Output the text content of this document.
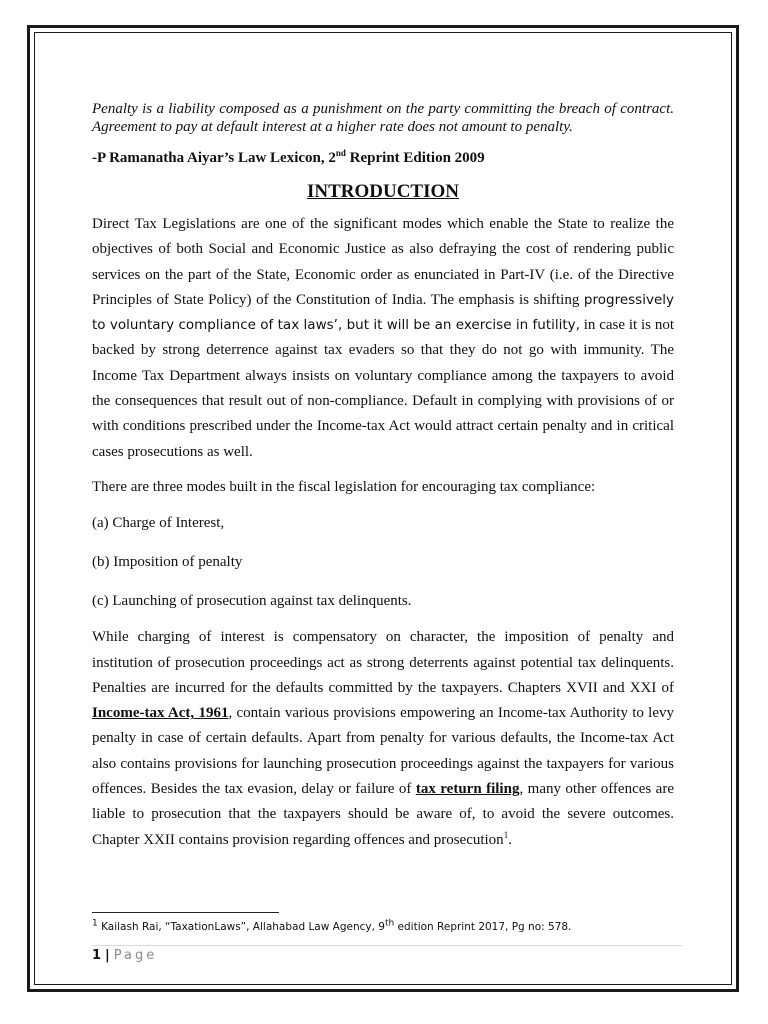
Penalty is a liability composed as a punishment on the party committing the breach of contract. Agreement to pay at default interest at a higher rate does not amount to penalty.

-P Ramanatha Aiyar’s Law Lexicon, 2nd Reprint Edition 2009

INTRODUCTION

Direct Tax Legislations are one of the significant modes which enable the State to realize the objectives of both Social and Economic Justice as also defraying the cost of rendering public services on the part of the State, Economic order as enunciated in Part-IV (i.e. of the Directive Principles of State Policy) of the Constitution of India. The emphasis is shifting progressively to voluntary compliance of tax laws’, but it will be an exercise in futility, in case it is not backed by strong deterrence against tax evaders so that they do not go with immunity. The Income Tax Department always insists on voluntary compliance among the taxpayers to avoid the consequences that result out of non-compliance. Default in complying with provisions of or with conditions prescribed under the Income-tax Act would attract certain penalty and in critical cases prosecutions as well.

There are three modes built in the fiscal legislation for encouraging tax compliance:

(a) Charge of Interest,

(b) Imposition of penalty

(c) Launching of prosecution against tax delinquents.

While charging of interest is compensatory on character, the imposition of penalty and institution of prosecution proceedings act as strong deterrents against potential tax delinquents. Penalties are incurred for the defaults committed by the taxpayers. Chapters XVII and XXI of Income-tax Act, 1961, contain various provisions empowering an Income-tax Authority to levy penalty in case of certain defaults. Apart from penalty for various defaults, the Income-tax Act also contains provisions for launching prosecution proceedings against the taxpayers for various offences. Besides the tax evasion, delay or failure of tax return filing, many other offences are liable to prosecution that the taxpayers should be aware of, to avoid the severe outcomes. Chapter XXII contains provision regarding offences and prosecution$^1$.

$^1$ Kailash Rai, “TaxationLaws”, Allahabad Law Agency, 9th edition Reprint 2017, Pg no: 578.
1 | Page
